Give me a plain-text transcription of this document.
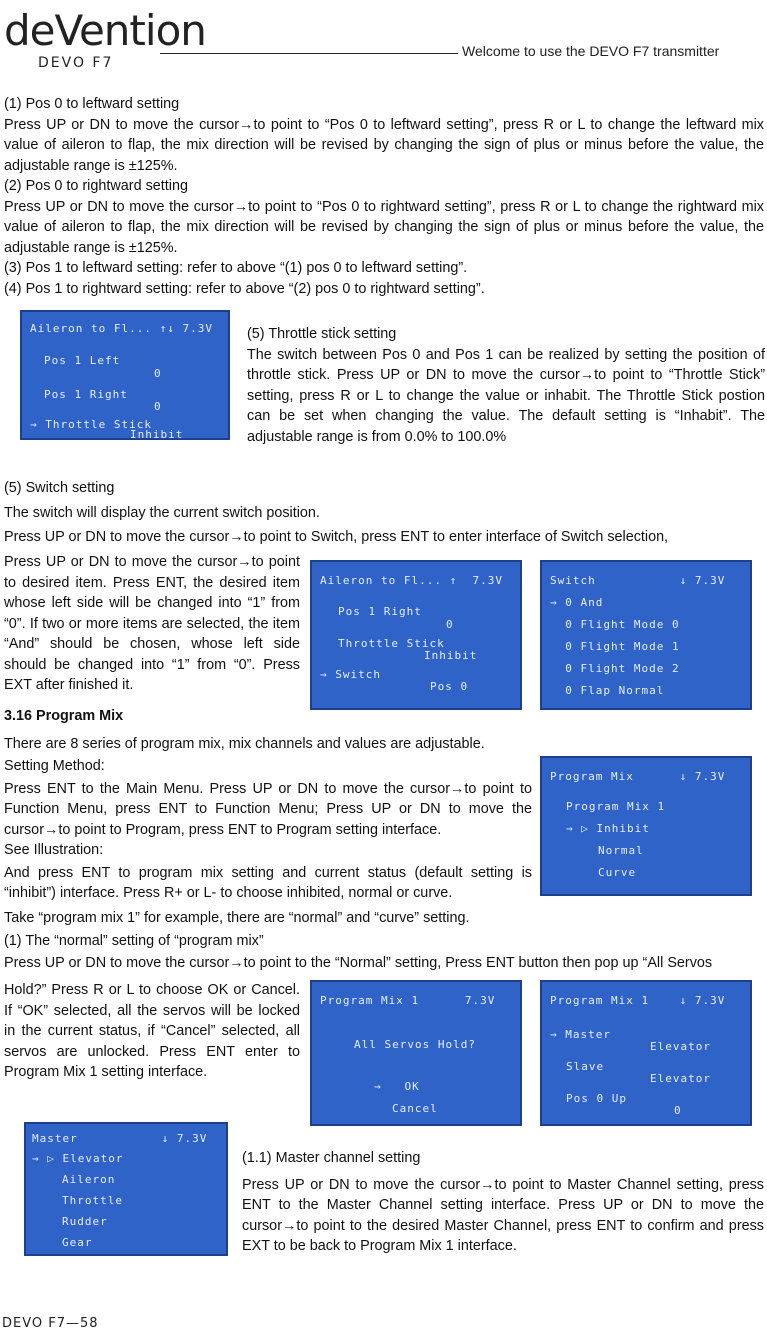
deVention
DEVO F7
Welcome to use the DEVO F7 transmitter

(1) Pos 0 to leftward setting

Press UP or DN to move the cursor→to point to “Pos 0 to leftward setting”, press R or L to change the leftward mix value of aileron to flap, the mix direction will be revised by changing the sign of plus or minus before the value, the adjustable range is ±125%.

(2) Pos 0 to rightward setting

Press UP or DN to move the cursor→to point to “Pos 0 to rightward setting”, press R or L to change the rightward mix value of aileron to flap, the mix direction will be revised by changing the sign of plus or minus before the value, the adjustable range is ±125%.

(3) Pos 1 to leftward setting: refer to above “(1) pos 0 to leftward setting”.

(4) Pos 1 to rightward setting: refer to above “(2) pos 0 to rightward setting”.

Aileron to Fl... ↑↓ 7.3V
Pos 1 Left
0
Pos 1 Right
0
→ Throttle Stick
Inhibit

(5) Throttle stick setting

The switch between Pos 0 and Pos 1 can be realized by setting the position of throttle stick. Press UP or DN to move the cursor→to point to “Throttle Stick” setting, press R or L to change the value or inhabit. The Throttle Stick postion can be set when changing the value. The default setting is “Inhabit”. The adjustable range is from 0.0% to 100.0%

(5) Switch setting

The switch will display the current switch position.

Press UP or DN to move the cursor→to point to Switch, press ENT to enter interface of Switch selection,

Press UP or DN to move the cursor→to point to desired item. Press ENT, the desired item whose left side will be changed into “1” from “0”. If two or more items are selected, the item “And” should be chosen, whose left side should be changed into “1” from “0”. Press EXT after finished it.

Aileron to Fl... ↑  7.3V
Pos 1 Right
0
Throttle Stick
Inhibit
→ Switch
Pos 0
Switch           ↓ 7.3V
→ 0 And
0 Flight Mode 0
0 Flight Mode 1
0 Flight Mode 2
0 Flap Normal
3.16 Program Mix

There are 8 series of program mix, mix channels and values are adjustable.

Setting Method:

Press ENT to the Main Menu. Press UP or DN to move the cursor→to point to Function Menu, press ENT to Function Menu; Press UP or DN to move the cursor→to point to Program, press ENT to Program setting interface.

See Illustration:

And press ENT to program mix setting and current status (default setting is “inhibit”) interface. Press R+ or L- to choose inhibited, normal or curve.

Take “program mix 1” for example, there are “normal” and “curve” setting.

(1) The “normal” setting of “program mix”

Press UP or DN to move the cursor→to point to the “Normal” setting, Press ENT button then pop up “All Servos

Hold?” Press R or L to choose OK or Cancel. If “OK” selected, all the servos will be locked in the current status, if “Cancel” selected, all servos are unlocked. Press ENT enter to Program Mix 1 setting interface.

Program Mix      ↓ 7.3V
Program Mix 1
→ ▷ Inhibit
Normal
Curve
Program Mix 1      7.3V
All Servos Hold?
→   OK
Cancel
Program Mix 1    ↓ 7.3V
→ Master
Elevator
Slave
Elevator
Pos 0 Up
0
Master           ↓ 7.3V
→ ▷ Elevator
Aileron
Throttle
Rudder
Gear

(1.1) Master channel setting

Press UP or DN to move the cursor→to point to Master Channel setting, press ENT to the Master Channel setting interface. Press UP or DN to move the cursor→to point to the desired Master Channel, press ENT to confirm and press EXT to be back to Program Mix 1 interface.

DEVO F7—58
